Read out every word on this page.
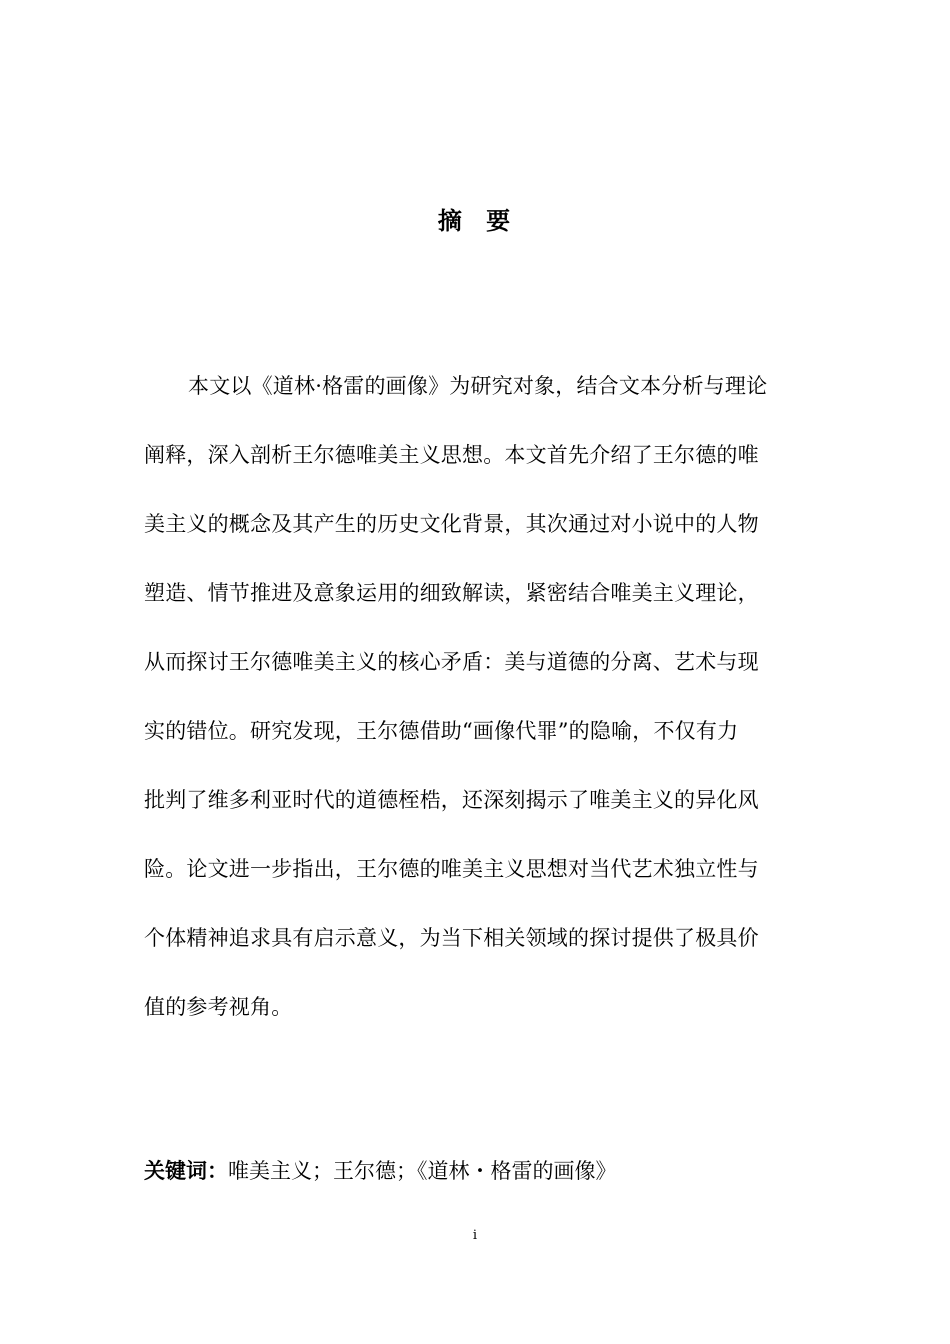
摘 要
本文以《道林·格雷的画像》为研究对象，结合文本分析与理论
阐释，深入剖析王尔德唯美主义思想。本文首先介绍了王尔德的唯
美主义的概念及其产生的历史文化背景，其次通过对小说中的人物
塑造、情节推进及意象运用的细致解读，紧密结合唯美主义理论，
从而探讨王尔德唯美主义的核心矛盾：美与道德的分离、艺术与现
实的错位。研究发现，王尔德借助“画像代罪”的隐喻，不仅有力
批判了维多利亚时代的道德桎梏，还深刻揭示了唯美主义的异化风
险。论文进一步指出，王尔德的唯美主义思想对当代艺术独立性与
个体精神追求具有启示意义，为当下相关领域的探讨提供了极具价
值的参考视角。
关键词：唯美主义；王尔德；《道林・格雷的画像》
i
